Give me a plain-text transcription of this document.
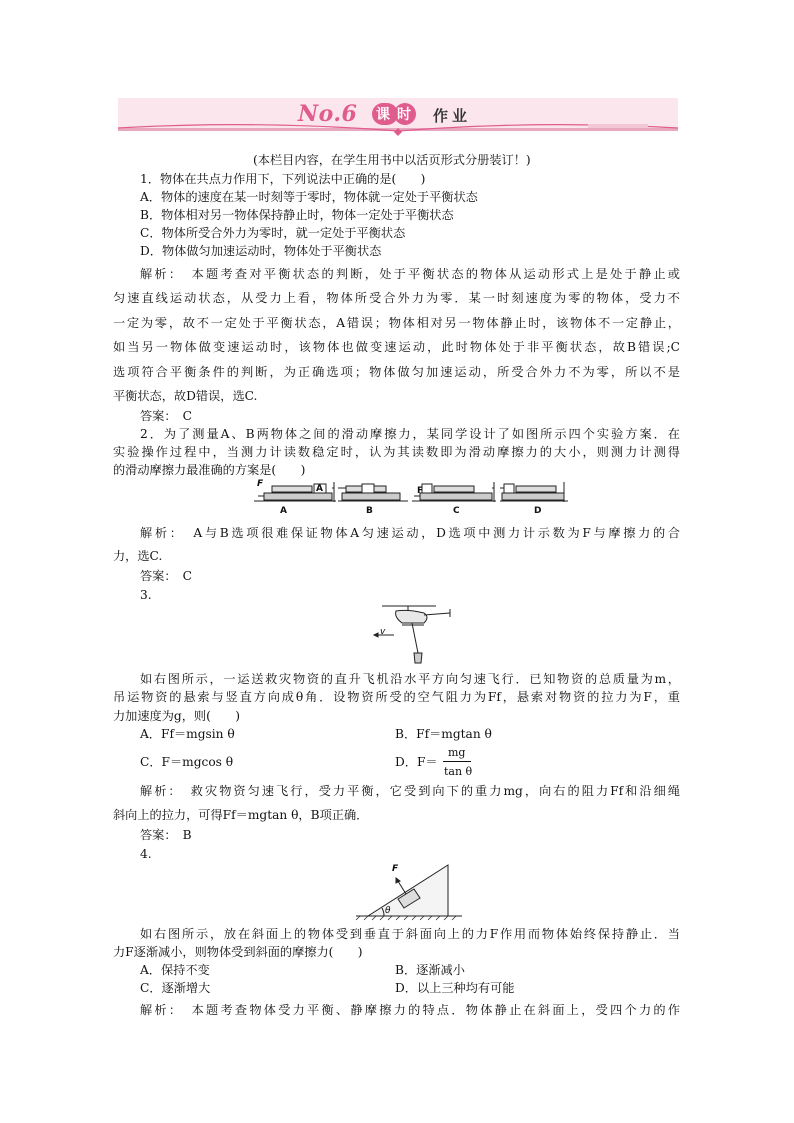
No.6 课 时 作业
(本栏目内容，在学生用书中以活页形式分册装订！)
1．物体在共点力作用下，下列说法中正确的是(　　)
A．物体的速度在某一时刻等于零时，物体就一定处于平衡状态
B．物体相对另一物体保持静止时，物体一定处于平衡状态
C．物体所受合外力为零时，就一定处于平衡状态
D．物体做匀加速运动时，物体处于平衡状态
解析：　本题考查对平衡状态的判断，处于平衡状态的物体从运动形式上是处于静止或
匀速直线运动状态，从受力上看，物体所受合外力为零．某一时刻速度为零的物体，受力不
一定为零，故不一定处于平衡状态，A错误；物体相对另一物体静止时，该物体不一定静止，
如当另一物体做变速运动时，该物体也做变速运动，此时物体处于非平衡状态，故B错误;C
选项符合平衡条件的判断，为正确选项；物体做匀加速运动，所受合外力不为零，所以不是
平衡状态，故D错误，选C.
答案：　C
2．为了测量A、B两物体之间的滑动摩擦力，某同学设计了如图所示四个实验方案．在
实验操作过程中，当测力计读数稳定时，认为其读数即为滑动摩擦力的大小，则测力计测得
的滑动摩擦力最准确的方案是(　　)
F	A	F
A	B	C	D
解析：　A与B选项很难保证物体A匀速运动，D选项中测力计示数为F与摩擦力的合
力，选C.
答案：　C
3.
v
如右图所示，一运送救灾物资的直升飞机沿水平方向匀速飞行．已知物资的总质量为m，
吊运物资的悬索与竖直方向成θ角．设物资所受的空气阻力为Ff，悬索对物资的拉力为F，重
力加速度为g，则(　　)
A．Ff＝mgsin θ	B．Ff＝mgtan θ
C．F＝mgcos θ	D．F＝
mg
tan θ
解析：　救灾物资匀速飞行，受力平衡，它受到向下的重力mg，向右的阻力Ff和沿细绳
斜向上的拉力，可得Ff＝mgtan θ，B项正确．
答案：　B
4.
F
θ
如右图所示，放在斜面上的物体受到垂直于斜面向上的力F作用而物体始终保持静止．当
力F逐渐减小，则物体受到斜面的摩擦力(　　)
A．保持不变	B．逐渐减小
C．逐渐增大	D．以上三种均有可能
解析：　本题考查物体受力平衡、静摩擦力的特点．物体静止在斜面上，受四个力的作
